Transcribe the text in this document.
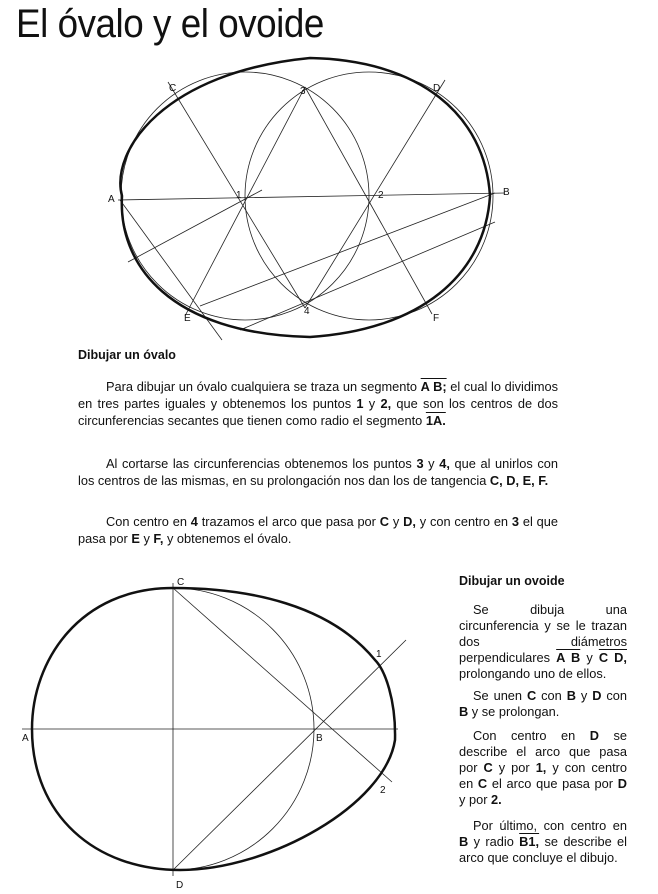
El óvalo y el ovoide
A
B
C	D
E	F
1	2
3
4
A	B
C
D
1
2
Dibujar un óvalo

Para dibujar un óvalo cualquiera se traza un segmento A B; el cual lo dividimos en tres partes iguales y obtenemos los puntos 1 y 2, que son los centros de dos circunferencias secantes que tienen como radio el segmento 1A.

Al cortarse las circunferencias obtenemos los puntos 3 y 4, que al unirlos con los centros de las mismas, en su prolongación nos dan los de tangencia C, D, E, F.

Con centro en 4 trazamos el arco que pasa por C y D, y con centro en 3 el que pasa por E y F, y obtenemos el óvalo.

Dibujar un ovoide

Se dibuja una circunferencia y se le trazan dos diámetros perpendiculares A B y C D, prolongando uno de ellos.

Se unen C con B y D con B y se prolongan.

Con centro en D se describe el arco que pasa por C y por 1, y con centro en C el arco que pasa por D y por 2.

Por último, con centro en B y radio B1, se describe el arco que concluye el dibujo.
